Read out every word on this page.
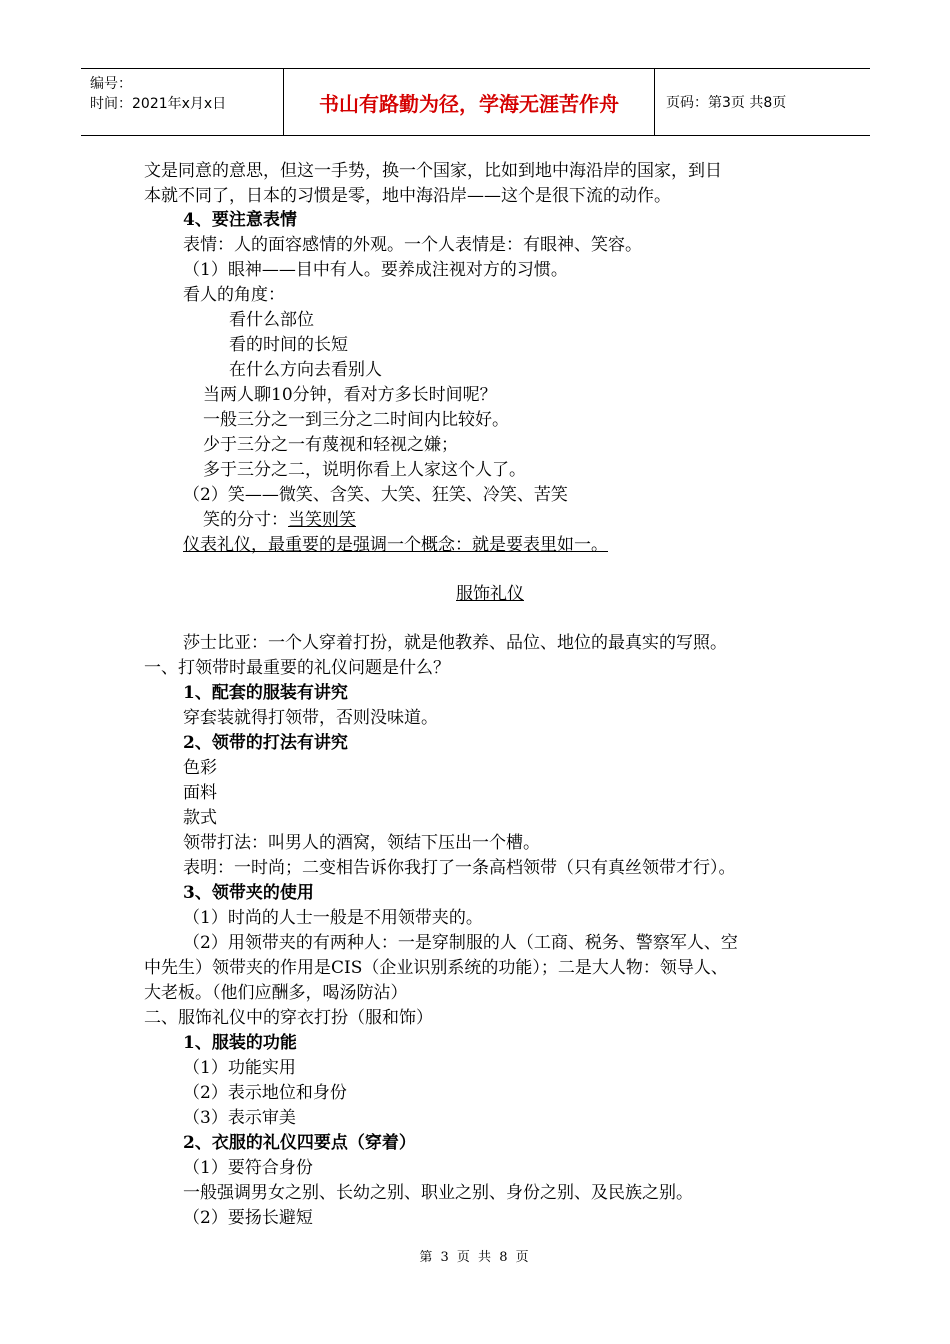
编号：
时间：2021年x月x日	书山有路勤为径，学海无涯苦作舟	页码：第3页 共8页
文是同意的意思，但这一手势，换一个国家，比如到地中海沿岸的国家，到日
本就不同了，日本的习惯是零，地中海沿岸——这个是很下流的动作。
4、要注意表情
表情：人的面容感情的外观。一个人表情是：有眼神、笑容。
（1）眼神——目中有人。要养成注视对方的习惯。
看人的角度：
看什么部位
看的时间的长短
在什么方向去看别人
当两人聊10分钟，看对方多长时间呢？
一般三分之一到三分之二时间内比较好。
少于三分之一有蔑视和轻视之嫌；
多于三分之二，说明你看上人家这个人了。
（2）笑——微笑、含笑、大笑、狂笑、冷笑、苦笑
笑的分寸：当笑则笑
仪表礼仪，最重要的是强调一个概念：就是要表里如一。
服饰礼仪
莎士比亚：一个人穿着打扮，就是他教养、品位、地位的最真实的写照。
一、打领带时最重要的礼仪问题是什么？
1、配套的服装有讲究
穿套装就得打领带，否则没味道。
2、领带的打法有讲究
色彩
面料
款式
领带打法：叫男人的酒窝，领结下压出一个槽。
表明：一时尚；二变相告诉你我打了一条高档领带（只有真丝领带才行）。
3、领带夹的使用
（1）时尚的人士一般是不用领带夹的。
（2）用领带夹的有两种人：一是穿制服的人（工商、税务、警察军人、空
中先生）领带夹的作用是CIS（企业识别系统的功能）；二是大人物：领导人、
大老板。（他们应酬多，喝汤防沾）
二、服饰礼仪中的穿衣打扮（服和饰）
1、服装的功能
（1）功能实用
（2）表示地位和身份
（3）表示审美
2、衣服的礼仪四要点（穿着）
（1）要符合身份
一般强调男女之别、长幼之别、职业之别、身份之别、及民族之别。
（2）要扬长避短
第 3 页 共 8 页
